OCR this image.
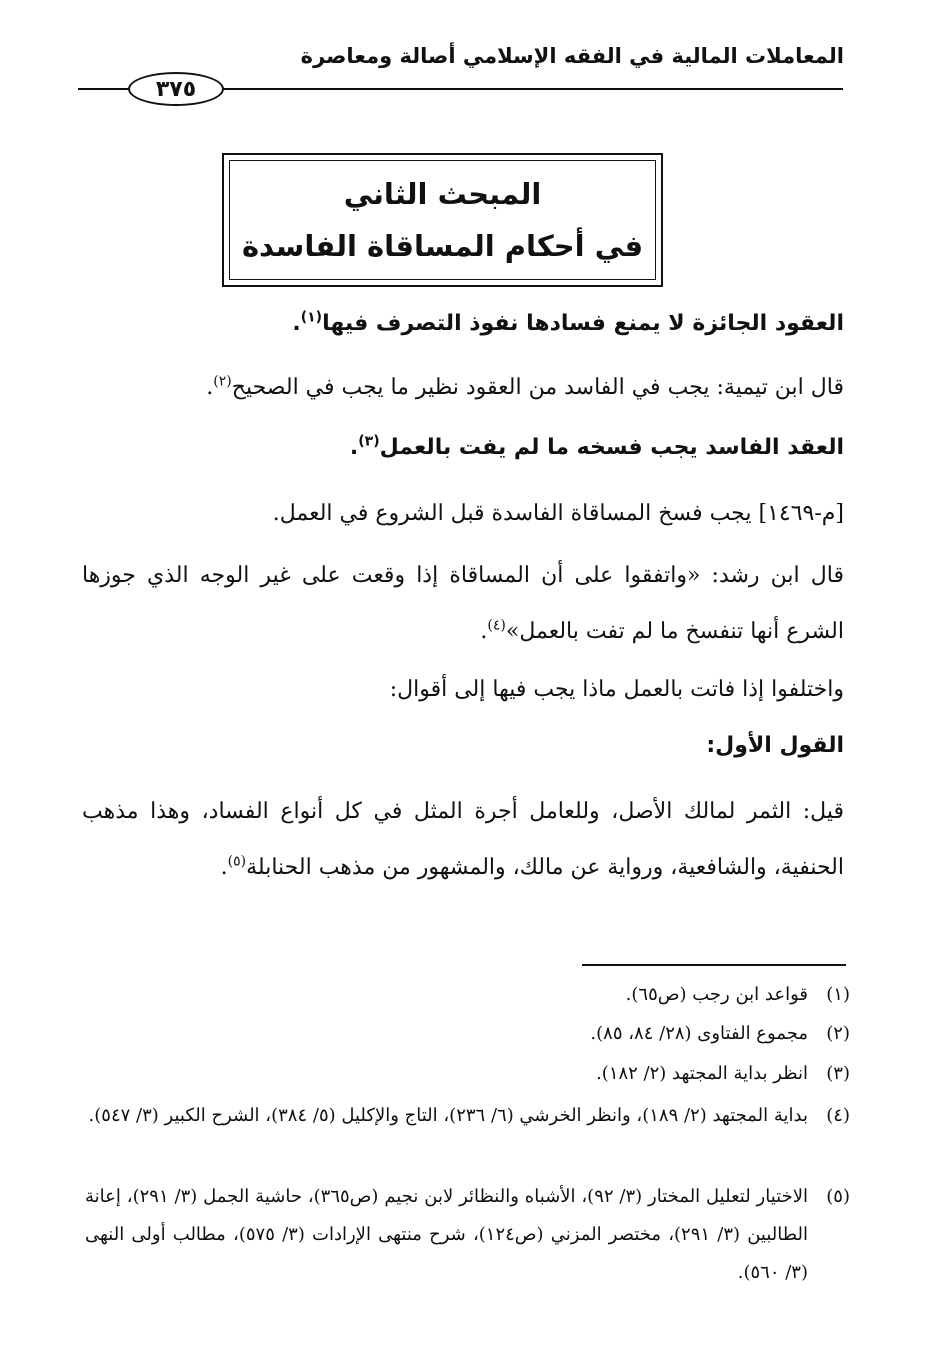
المعاملات المالية في الفقه الإسلامي أصالة ومعاصرة
٣٧٥
المبحث الثاني
في أحكام المساقاة الفاسدة
العقود الجائزة لا يمنع فسادها نفوذ التصرف فيها$^{(١)}$.
قال ابن تيمية: يجب في الفاسد من العقود نظير ما يجب في الصحيح$^{(٢)}$.
العقد الفاسد يجب فسخه ما لم يفت بالعمل$^{(٣)}$.
[م-١٤٦٩] يجب فسخ المساقاة الفاسدة قبل الشروع في العمل.
قال ابن رشد: «واتفقوا على أن المساقاة إذا وقعت على غير الوجه الذي جوزها الشرع أنها تنفسخ ما لم تفت بالعمل»$^{(٤)}$.
واختلفوا إذا فاتت بالعمل ماذا يجب فيها إلى أقوال:
القول الأول:
قيل: الثمر لمالك الأصل، وللعامل أجرة المثل في كل أنواع الفساد، وهذا مذهب الحنفية، والشافعية، ورواية عن مالك، والمشهور من مذهب الحنابلة$^{(٥)}$.
(١)
قواعد ابن رجب (ص٦٥).
(٢)
مجموع الفتاوى (٢٨/ ٨٤، ٨٥).
(٣)
انظر بداية المجتهد (٢/ ١٨٢).
(٤)
بداية المجتهد (٢/ ١٨٩)، وانظر الخرشي (٦/ ٢٣٦)، التاج والإكليل (٥/ ٣٨٤)، الشرح الكبير (٣/ ٥٤٧).
(٥)
الاختيار لتعليل المختار (٣/ ٩٢)، الأشباه والنظائر لابن نجيم (ص٣٦٥)، حاشية الجمل (٣/ ٢٩١)، إعانة الطالبين (٣/ ٢٩١)، مختصر المزني (ص١٢٤)، شرح منتهى الإرادات (٣/ ٥٧٥)، مطالب أولى النهى (٣/ ٥٦٠).
